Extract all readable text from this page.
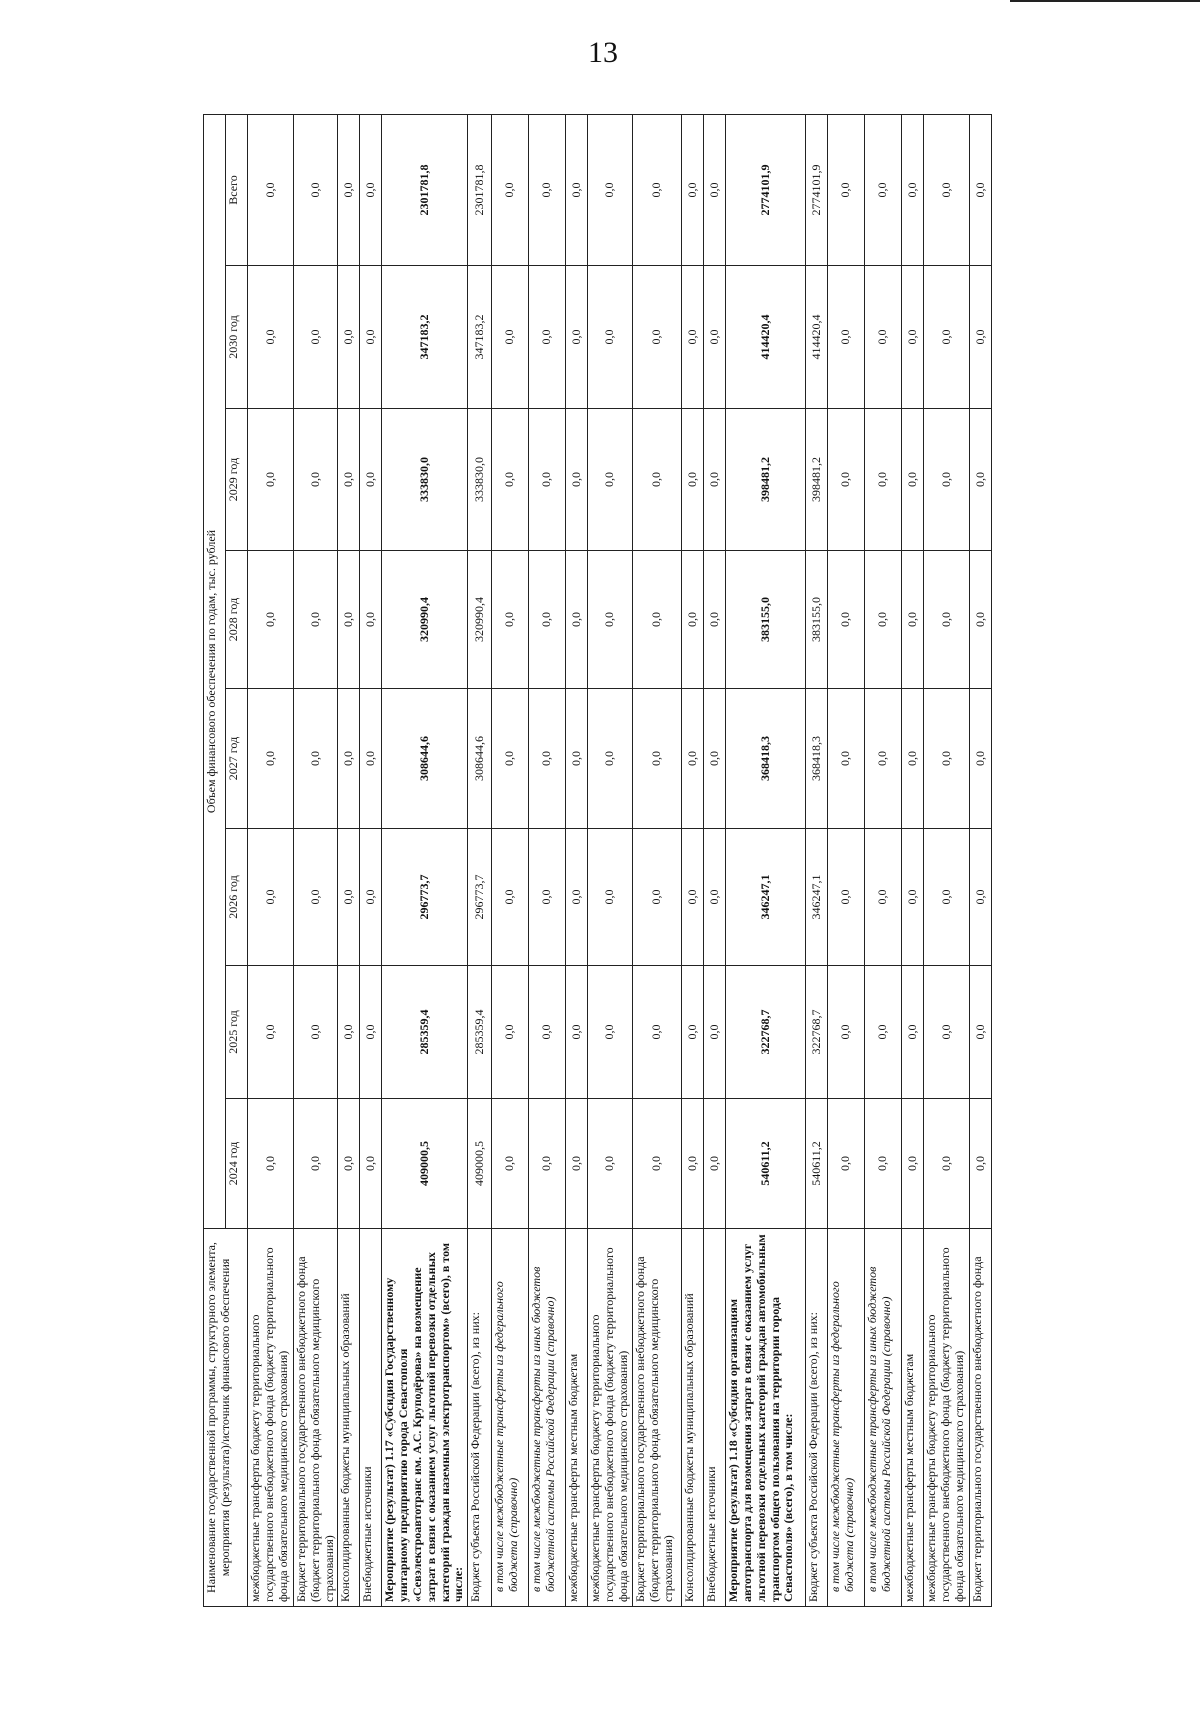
13
Наименование государственной программы, структурного элемента, мероприятия (результата)/источник финансового обеспечения	Объем финансового обеспечения по годам, тыс. рублей							
	2024 год	2025 год	2026 год	2027 год	2028 год	2029 год	2030 год	Всего
межбюджетные трансферты бюджету территориального государственного внебюджетного фонда (бюджету территориального фонда обязательного медицинского страхования)	0,0	0,0	0,0	0,0	0,0	0,0	0,0	0,0
Бюджет территориального государственного внебюджетного фонда (бюджет территориального фонда обязательного медицинского страхования)	0,0	0,0	0,0	0,0	0,0	0,0	0,0	0,0
Консолидированные бюджеты муниципальных образований	0,0	0,0	0,0	0,0	0,0	0,0	0,0	0,0
Внебюджетные источники	0,0	0,0	0,0	0,0	0,0	0,0	0,0	0,0
Мероприятие (результат) 1.17 «Субсидия Государственному унитарному предприятию города Севастополя «Севэлектроавтотранс им. А.С. Круподёрова» на возмещение затрат в связи с оказанием услуг льготной перевозки отдельных категорий граждан наземным электротранспортом» (всего), в том числе:	409000,5	285359,4	296773,7	308644,6	320990,4	333830,0	347183,2	2301781,8
Бюджет субъекта Российской Федерации (всего), из них:	409000,5	285359,4	296773,7	308644,6	320990,4	333830,0	347183,2	2301781,8
в том числе межбюджетные трансферты из федерального бюджета (справочно)	0,0	0,0	0,0	0,0	0,0	0,0	0,0	0,0
в том числе межбюджетные трансферты из иных бюджетов бюджетной системы Российской Федерации (справочно)	0,0	0,0	0,0	0,0	0,0	0,0	0,0	0,0
межбюджетные трансферты местным бюджетам	0,0	0,0	0,0	0,0	0,0	0,0	0,0	0,0
межбюджетные трансферты бюджету территориального государственного внебюджетного фонда (бюджету территориального фонда обязательного медицинского страхования)	0,0	0,0	0,0	0,0	0,0	0,0	0,0	0,0
Бюджет территориального государственного внебюджетного фонда (бюджет территориального фонда обязательного медицинского страхования)	0,0	0,0	0,0	0,0	0,0	0,0	0,0	0,0
Консолидированные бюджеты муниципальных образований	0,0	0,0	0,0	0,0	0,0	0,0	0,0	0,0
Внебюджетные источники	0,0	0,0	0,0	0,0	0,0	0,0	0,0	0,0
Мероприятие (результат) 1.18 «Субсидия организациям автотранспорта для возмещения затрат в связи с оказанием услуг льготной перевозки отдельных категорий граждан автомобильным транспортом общего пользования на территории города Севастополя» (всего), в том числе:	540611,2	322768,7	346247,1	368418,3	383155,0	398481,2	414420,4	2774101,9
Бюджет субъекта Российской Федерации (всего), из них:	540611,2	322768,7	346247,1	368418,3	383155,0	398481,2	414420,4	2774101,9
в том числе межбюджетные трансферты из федерального бюджета (справочно)	0,0	0,0	0,0	0,0	0,0	0,0	0,0	0,0
в том числе межбюджетные трансферты из иных бюджетов бюджетной системы Российской Федерации (справочно)	0,0	0,0	0,0	0,0	0,0	0,0	0,0	0,0
межбюджетные трансферты местным бюджетам	0,0	0,0	0,0	0,0	0,0	0,0	0,0	0,0
межбюджетные трансферты бюджету территориального государственного внебюджетного фонда (бюджету территориального фонда обязательного медицинского страхования)	0,0	0,0	0,0	0,0	0,0	0,0	0,0	0,0
Бюджет территориального государственного внебюджетного фонда	0,0	0,0	0,0	0,0	0,0	0,0	0,0	0,0
